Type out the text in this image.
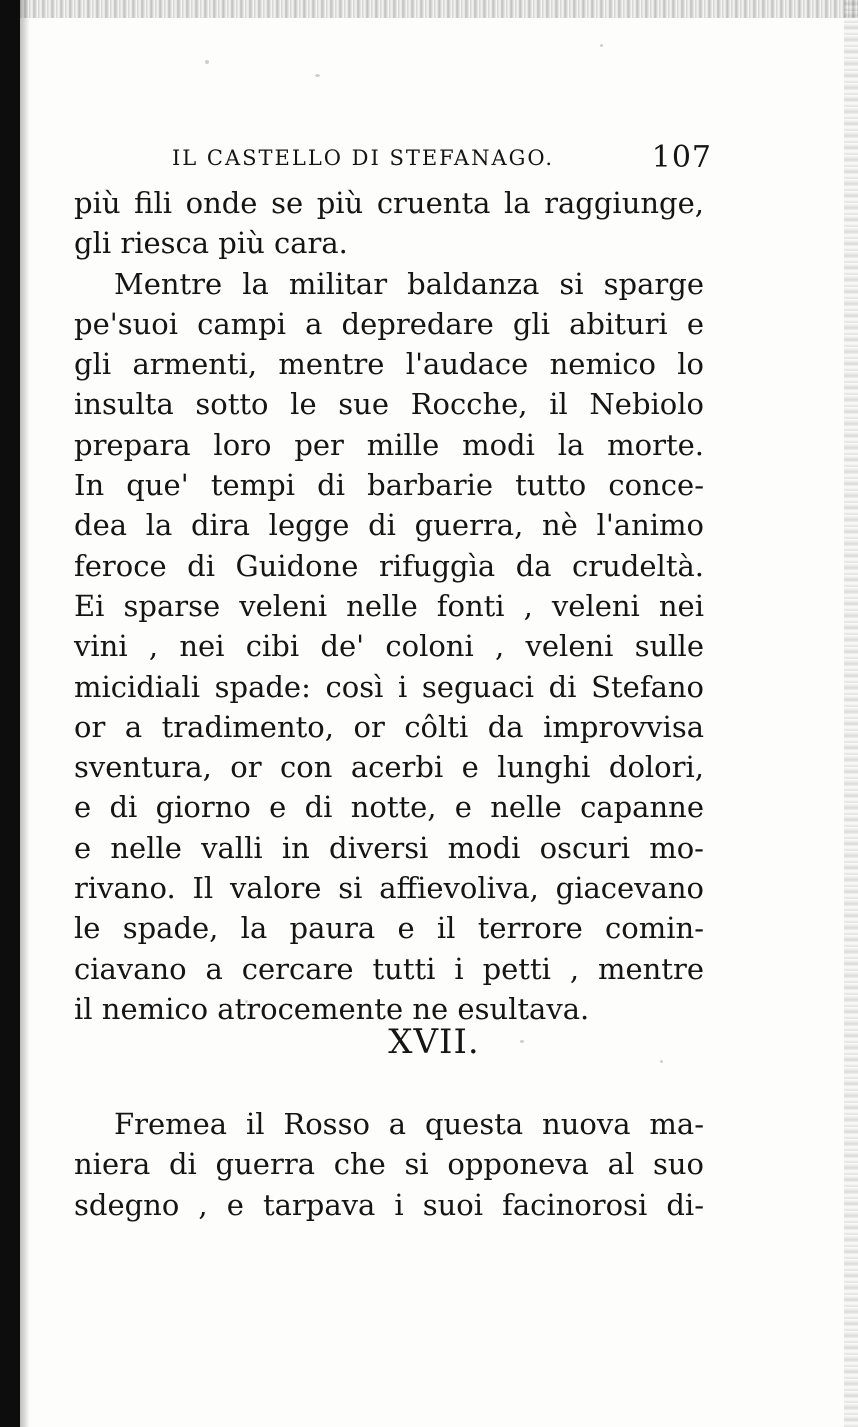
IL CASTELLO DI STEFANAGO.	107
più fili onde se più cruenta la raggiunge,
gli riesca più cara.
Mentre la militar baldanza si sparge
pe'suoi campi a depredare gli abituri e
gli armenti, mentre l'audace nemico lo
insulta sotto le sue Rocche, il Nebiolo
prepara loro per mille modi la morte.
In que' tempi di barbarie tutto conce-
dea la dira legge di guerra, nè l'animo
feroce di Guidone rifuggìa da crudeltà.
Ei sparse veleni nelle fonti , veleni nei
vini , nei cibi de' coloni , veleni sulle
micidiali spade: così i seguaci di Stefano
or a tradimento, or côlti da improvvisa
sventura, or con acerbi e lunghi dolori,
e di giorno e di notte, e nelle capanne
e nelle valli in diversi modi oscuri mo-
rivano. Il valore si affievoliva, giacevano
le spade, la paura e il terrore comin-
ciavano a cercare tutti i petti , mentre
il nemico atrocemente ne esultava.
XVII.
Fremea il Rosso a questa nuova ma-
niera di guerra che si opponeva al suo
sdegno , e tarpava i suoi facinorosi di-
